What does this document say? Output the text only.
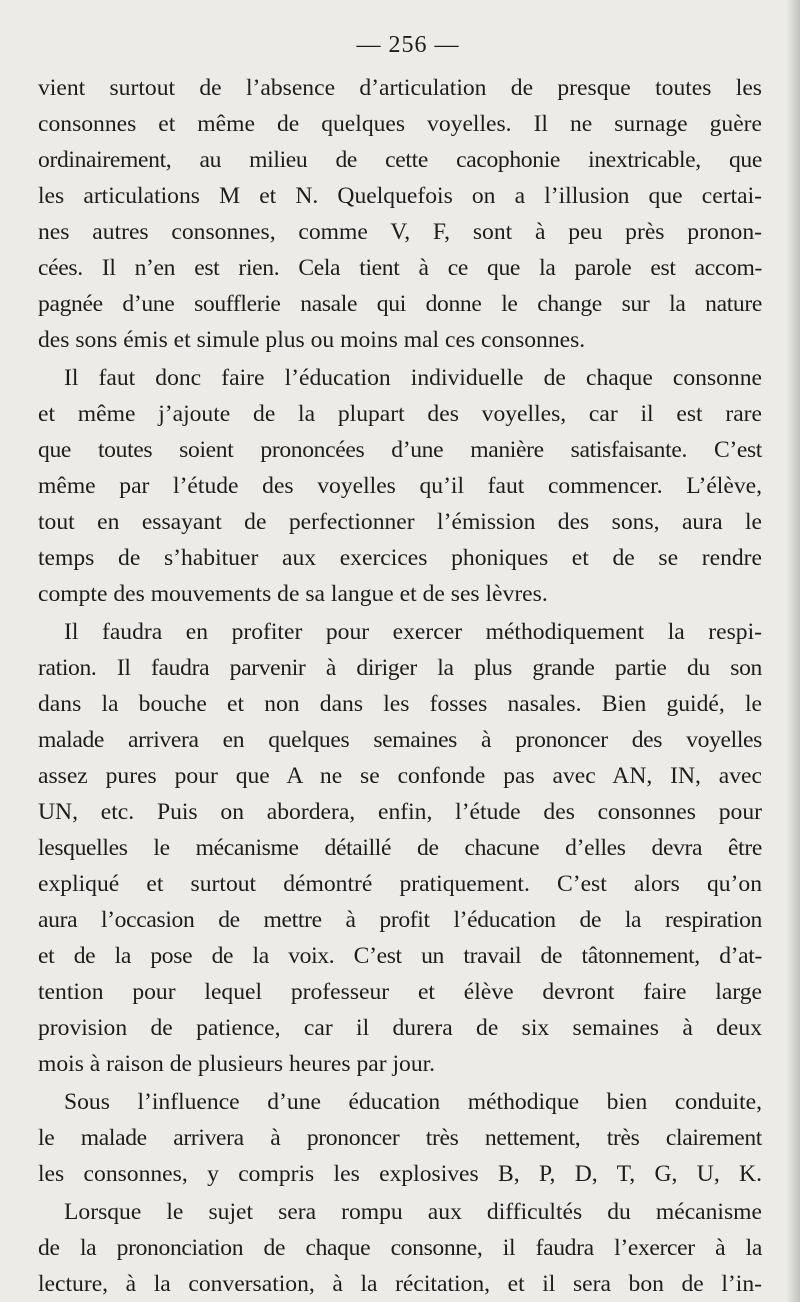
— 256 —
vient surtout de l’absence d’articulation de presque toutes les
consonnes et même de quelques voyelles. Il ne surnage guère
ordinairement, au milieu de cette cacophonie inextricable, que
les articulations M et N. Quelquefois on a l’illusion que certai-
nes autres consonnes, comme V, F, sont à peu près pronon-
cées. Il n’en est rien. Cela tient à ce que la parole est accom-
pagnée d’une soufflerie nasale qui donne le change sur la nature
des sons émis et simule plus ou moins mal ces consonnes.
Il faut donc faire l’éducation individuelle de chaque consonne
et même j’ajoute de la plupart des voyelles, car il est rare
que toutes soient prononcées d’une manière satisfaisante. C’est
même par l’étude des voyelles qu’il faut commencer. L’élève,
tout en essayant de perfectionner l’émission des sons, aura le
temps de s’habituer aux exercices phoniques et de se rendre
compte des mouvements de sa langue et de ses lèvres.
Il faudra en profiter pour exercer méthodiquement la respi-
ration. Il faudra parvenir à diriger la plus grande partie du son
dans la bouche et non dans les fosses nasales. Bien guidé, le
malade arrivera en quelques semaines à prononcer des voyelles
assez pures pour que A ne se confonde pas avec AN, IN, avec
UN, etc. Puis on abordera, enfin, l’étude des consonnes pour
lesquelles le mécanisme détaillé de chacune d’elles devra être
expliqué et surtout démontré pratiquement. C’est alors qu’on
aura l’occasion de mettre à profit l’éducation de la respiration
et de la pose de la voix. C’est un travail de tâtonnement, d’at-
tention pour lequel professeur et élève devront faire large
provision de patience, car il durera de six semaines à deux
mois à raison de plusieurs heures par jour.
Sous l’influence d’une éducation méthodique bien conduite,
le malade arrivera à prononcer très nettement, très clairement
les consonnes, y compris les explosives B, P, D, T, G, U, K.
Lorsque le sujet sera rompu aux difficultés du mécanisme
de la prononciation de chaque consonne, il faudra l’exercer à la
lecture, à la conversation, à la récitation, et il sera bon de l’in-
